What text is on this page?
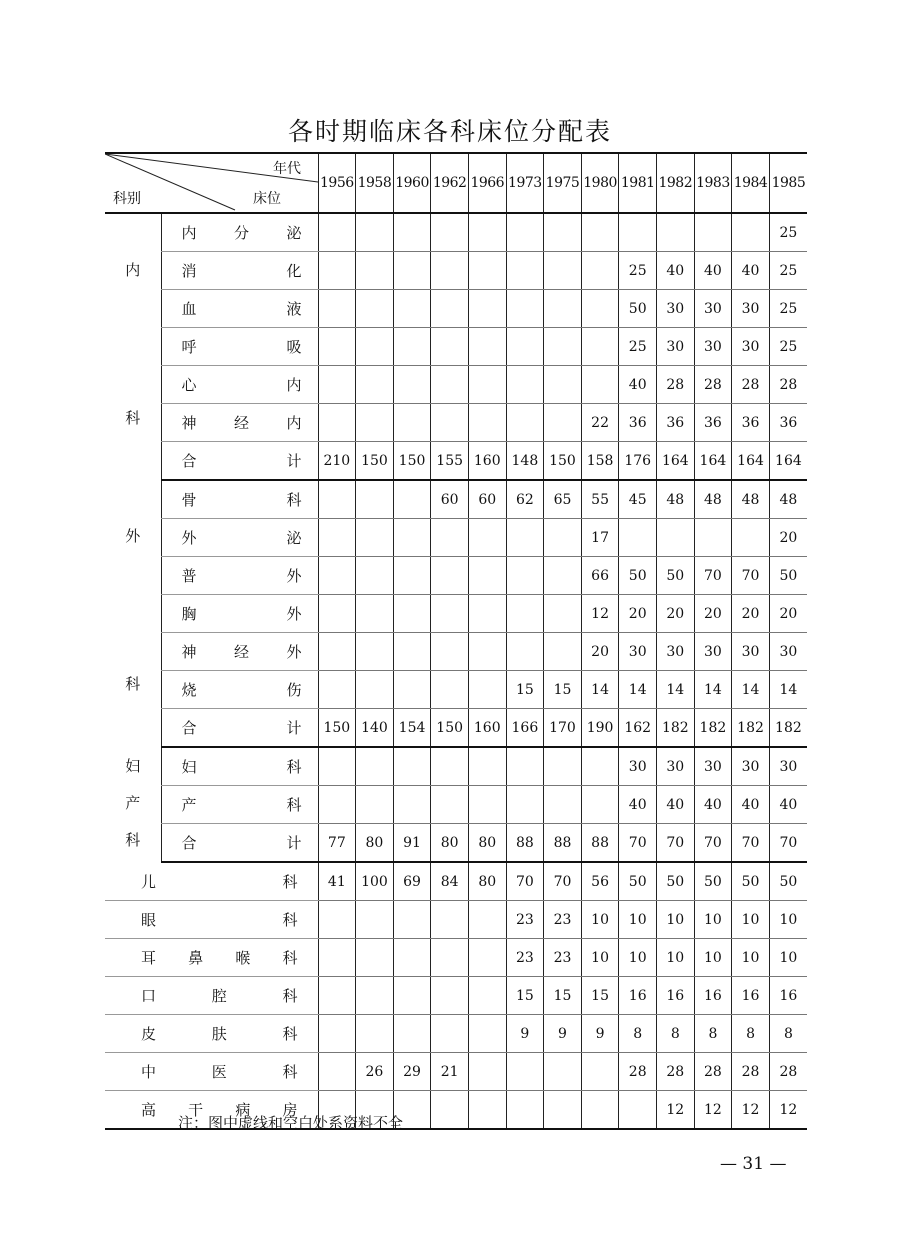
各时期临床各科床位分配表
年代
床位
科别		1956	1958	1960	1962	1966	1973	1975	1980	1981	1982	1983	1984	1985

内
科	内 分 泌													25

	消 化									25	40	40	40	25

	血 液									50	30	30	30	25

	呼 吸									25	30	30	30	25

	心 内									40	28	28	28	28

	神 经 内								22	36	36	36	36	36

	合 计	210	150	150	155	160	148	150	158	176	164	164	164	164

外
科	骨 科				60	60	62	65	55	45	48	48	48	48

	外 泌								17					20

	普 外								66	50	50	70	70	50

	胸 外								12	20	20	20	20	20

	神 经 外								20	30	30	30	30	30

	烧 伤						15	15	14	14	14	14	14	14

	合 计	150	140	154	150	160	166	170	190	162	182	182	182	182

妇
产
科	妇 科									30	30	30	30	30

	产 科									40	40	40	40	40

	合 计	77	80	91	80	80	88	88	88	70	70	70	70	70

儿 科		41	100	69	84	80	70	70	56	50	50	50	50	50

眼 科							23	23	10	10	10	10	10	10

耳 鼻 喉 科							23	23	10	10	10	10	10	10

口 腔 科							15	15	15	16	16	16	16	16

皮 肤 科							9	9	9	8	8	8	8	8

中 医 科			26	29	21					28	28	28	28	28

高 干 病 房											12	12	12	12
注：图中虚线和空白处系资料不全
— 31 —
